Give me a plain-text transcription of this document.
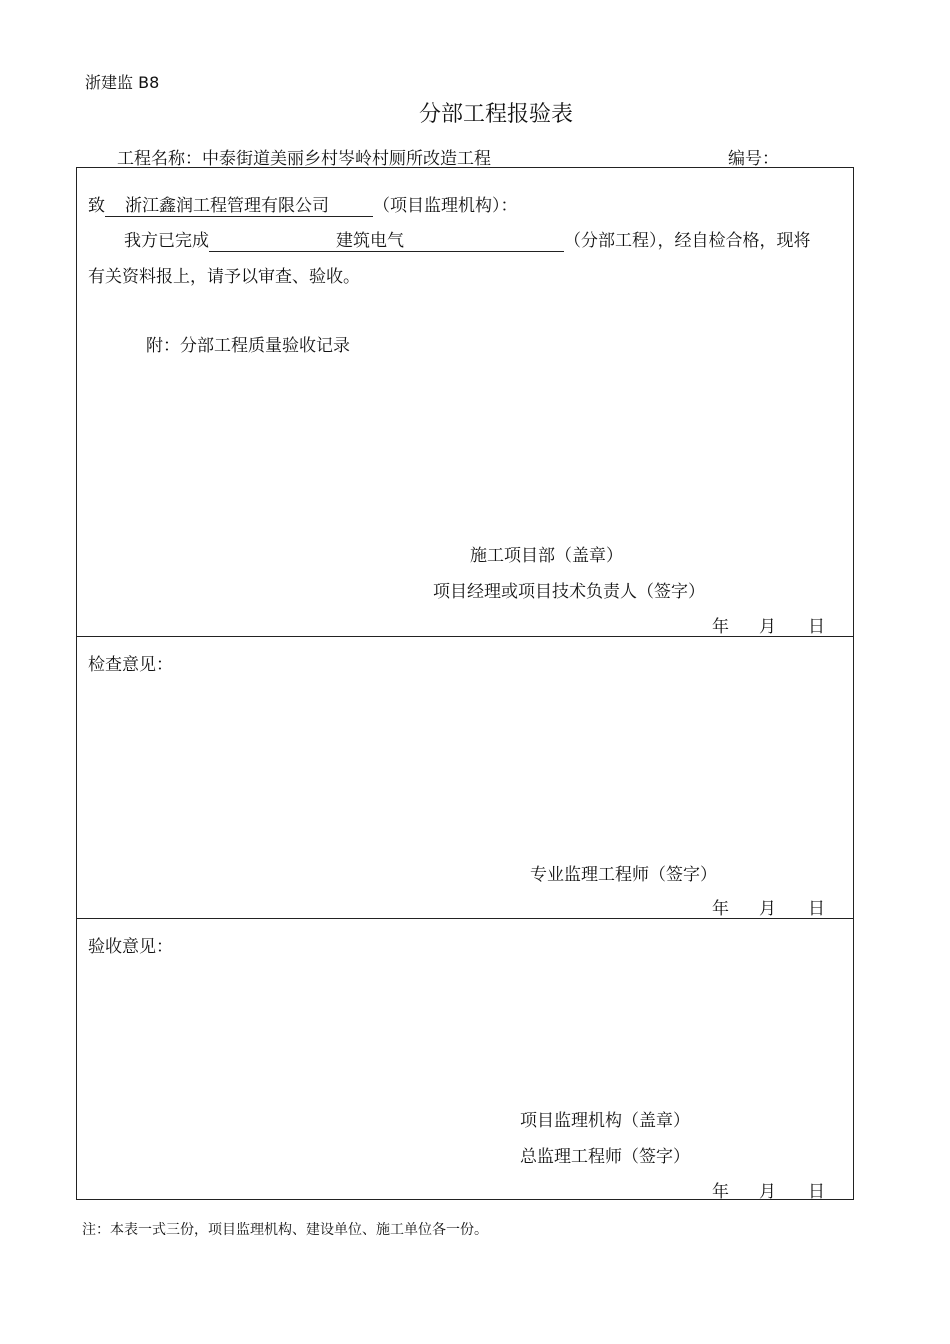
浙建监 B8
分部工程报验表
工程名称：中泰街道美丽乡村岑岭村厕所改造工程	编号：
致 浙江鑫润工程管理有限公司	（项目监理机构）：
我方已完成	建筑电气	（分部工程），经自检合格，现将
有关资料报上，请予以审查、验收。
附：分部工程质量验收记录
施工项目部（盖章）
项目经理或项目技术负责人（签字）
年 月 日
检查意见：
专业监理工程师（签字）
年 月 日
验收意见：
项目监理机构（盖章）
总监理工程师（签字）
年 月 日
注：本表一式三份，项目监理机构、建设单位、施工单位各一份。
